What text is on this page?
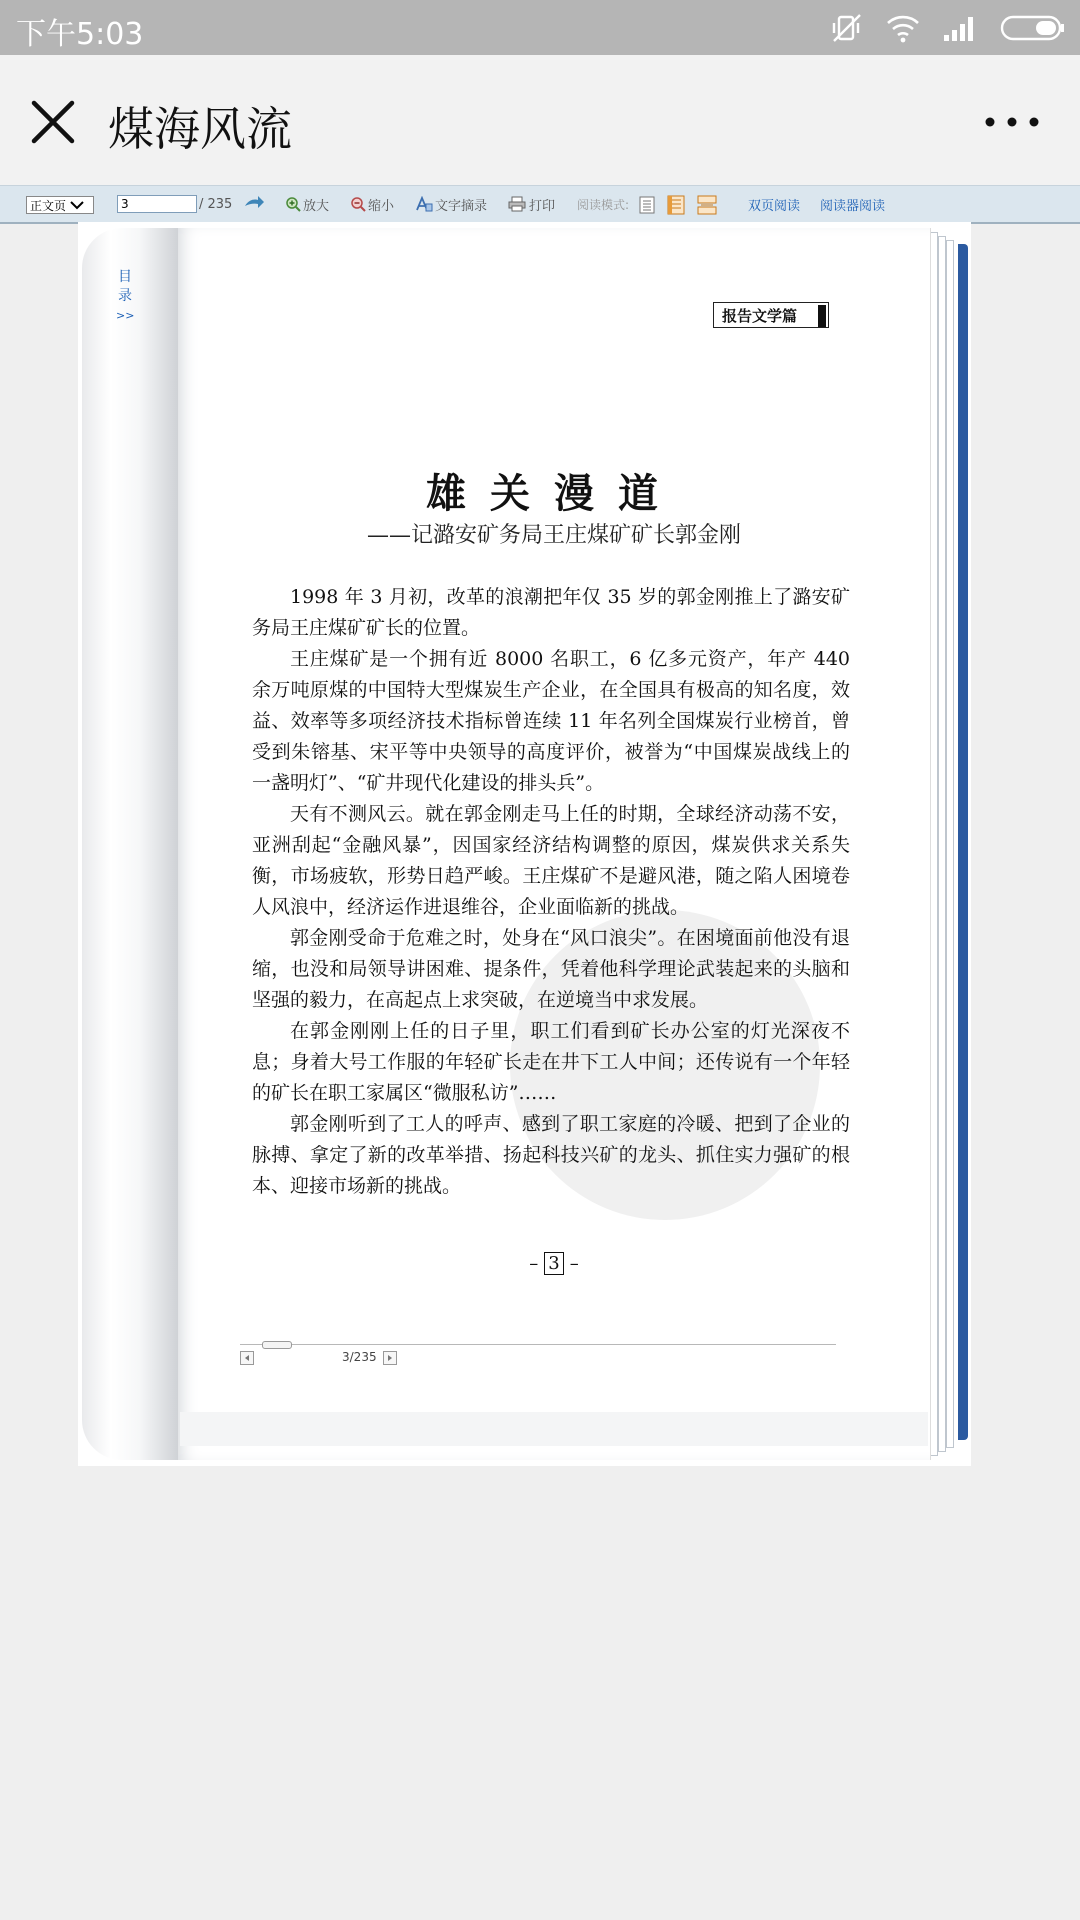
下午5:03
煤海风流
正文页	3	/ 235	放大	缩小	文字摘录	打印 阅读模式:	双页阅读 阅读器阅读
目
录
>>	报告文学篇
雄关漫道
——记潞安矿务局王庄煤矿矿长郭金刚

1998 年 3 月初，改革的浪潮把年仅 35 岁的郭金刚推上了潞安矿务局王庄煤矿矿长的位置。

王庄煤矿是一个拥有近 8000 名职工，6 亿多元资产，年产 440 余万吨原煤的中国特大型煤炭生产企业，在全国具有极高的知名度，效益、效率等多项经济技术指标曾连续 11 年名列全国煤炭行业榜首，曾受到朱镕基、宋平等中央领导的高度评价，被誉为“中国煤炭战线上的一盏明灯”、“矿井现代化建设的排头兵”。

天有不测风云。就在郭金刚走马上任的时期，全球经济动荡不安，亚洲刮起“金融风暴”，因国家经济结构调整的原因，煤炭供求关系失衡，市场疲软，形势日趋严峻。王庄煤矿不是避风港，随之陷人困境卷人风浪中，经济运作进退维谷，企业面临新的挑战。

郭金刚受命于危难之时，处身在“风口浪尖”。在困境面前他没有退缩，也没和局领导讲困难、提条件，凭着他科学理论武装起来的头脑和坚强的毅力，在高起点上求突破，在逆境当中求发展。

在郭金刚刚上任的日子里，职工们看到矿长办公室的灯光深夜不息；身着大号工作服的年轻矿长走在井下工人中间；还传说有一个年轻的矿长在职工家属区“微服私访”……

郭金刚听到了工人的呼声、感到了职工家庭的冷暖、把到了企业的脉搏、拿定了新的改革举措、扬起科技兴矿的龙头、抓住实力强矿的根本、迎接市场新的挑战。

– 3 –
3/235
